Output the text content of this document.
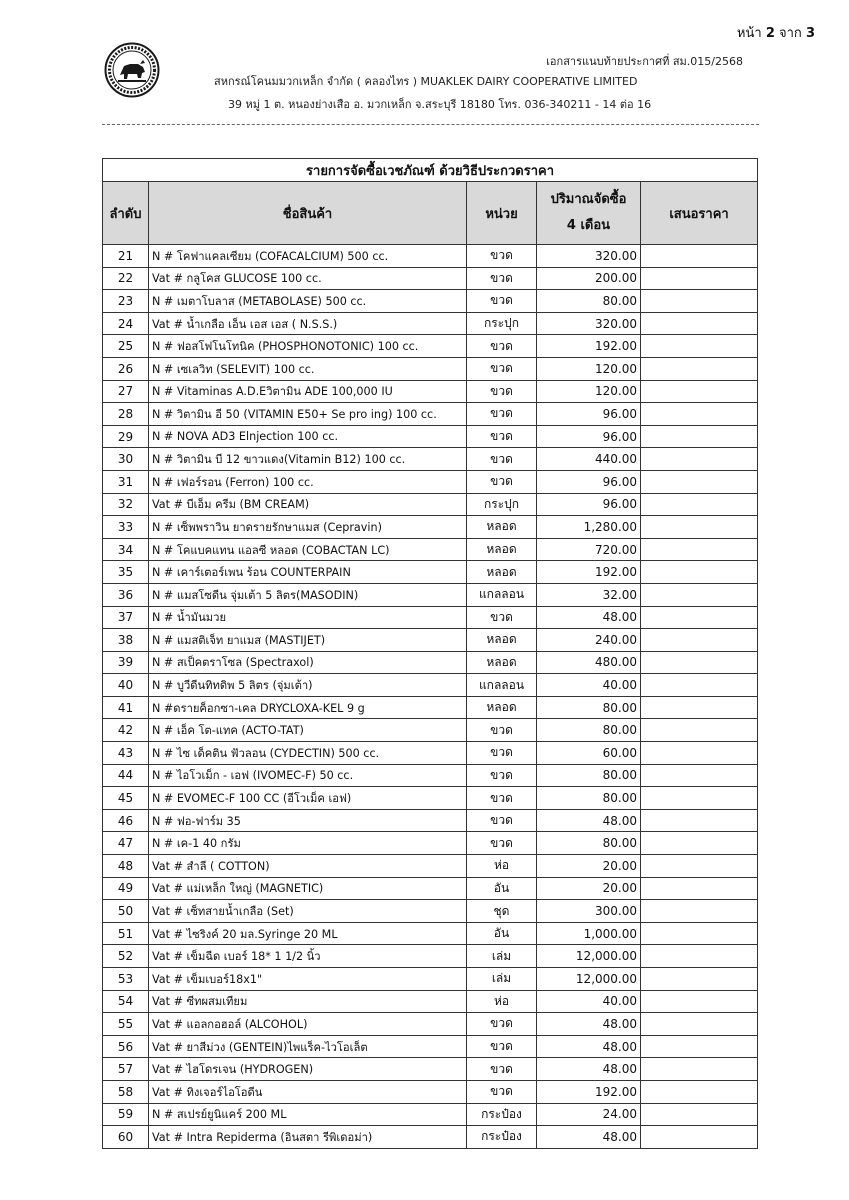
หน้า 2 จาก 3
เอกสารแนบท้ายประกาศที่ สม.015/2568
สหกรณ์โคนมมวกเหล็ก จำกัด ( คลองไทร ) MUAKLEK DAIRY COOPERATIVE LIMITED
39 หมู่ 1 ต. หนองย่างเสือ อ. มวกเหล็ก จ.สระบุรี 18180 โทร. 036-340211 - 14 ต่อ 16
รายการจัดซื้อเวชภัณฑ์ ด้วยวิธีประกวดราคา				
ลำดับ	ชื่อสินค้า	หน่วย	ปริมาณจัดซื้อ
4 เดือน	เสนอราคา
21	N # โคฟาแคลเซียม (COFACALCIUM) 500 cc.	ขวด	320.00	
22	Vat # กลูโคส GLUCOSE 100 cc.	ขวด	200.00	
23	N # เมตาโบลาส (METABOLASE) 500 cc.	ขวด	80.00	
24	Vat # น้ำเกลือ เอ็น เอส เอส ( N.S.S.)	กระปุก	320.00	
25	N # ฟอสโฟโนโทนิค (PHOSPHONOTONIC) 100 cc.	ขวด	192.00	
26	N # เซเลวิท (SELEVIT) 100 cc.	ขวด	120.00	
27	N # Vitaminas A.D.Eวิตามิน ADE 100,000 IU	ขวด	120.00	
28	N # วิตามิน อี 50 (VITAMIN E50+ Se pro ing) 100 cc.	ขวด	96.00	
29	N # NOVA AD3 Elnjection 100 cc.	ขวด	96.00	
30	N # วิตามิน บี 12 ขาวแดง(Vitamin B12) 100 cc.	ขวด	440.00	
31	N # เฟอร์รอน (Ferron) 100 cc.	ขวด	96.00	
32	Vat # บีเอ็ม ครีม (BM CREAM)	กระปุก	96.00	
33	N # เซ็พพราวิน ยาดรายรักษาแมส (Cepravin)	หลอด	1,280.00	
34	N # โคแบคแทน แอลซี หลอด (COBACTAN LC)	หลอด	720.00	
35	N # เคาร์เตอร์เพน ร้อน COUNTERPAIN	หลอด	192.00	
36	N # แมสโซดีน จุ่มเต้า 5 ลิตร(MASODIN)	แกลลอน	32.00	
37	N # น้ำมันมวย	ขวด	48.00	
38	N # แมสติเจ็ท ยาแมส (MASTIJET)	หลอด	240.00	
39	N # สเป็คตราโซล (Spectraxol)	หลอด	480.00	
40	N # บูวีดีนทิทดิพ 5 ลิตร (จุ่มเต้า)	แกลลอน	40.00	
41	N #ดรายค็อกซา-เคล DRYCLOXA-KEL 9 g	หลอด	80.00	
42	N # เอ็ค โต-แทค (ACTO-TAT)	ขวด	80.00	
43	N # ไซ เด็คติน ฟัวลอน (CYDECTIN) 500 cc.	ขวด	60.00	
44	N # ไอโวเม็ก - เอฟ (IVOMEC-F) 50 cc.	ขวด	80.00	
45	N # EVOMEC-F 100 CC (อีโวเม็ค เอฟ)	ขวด	80.00	
46	N # ฟอ-ฟาร์ม 35	ขวด	48.00	
47	N # เค-1 40 กรัม	ขวด	80.00	
48	Vat # สำลี ( COTTON)	ห่อ	20.00	
49	Vat # แม่เหล็ก ใหญ่ (MAGNETIC)	อัน	20.00	
50	Vat # เซ็ทสายน้ำเกลือ (Set)	ชุด	300.00	
51	Vat # ไซริงค์ 20 มล.Syringe 20 ML	อัน	1,000.00	
52	Vat # เข็มฉีด เบอร์ 18* 1 1/2 นิ้ว	เล่ม	12,000.00	
53	Vat # เข็มเบอร์18x1"	เล่ม	12,000.00	
54	Vat # ซีทผสมเทียม	ห่อ	40.00	
55	Vat # แอลกอฮอล์ (ALCOHOL)	ขวด	48.00	
56	Vat # ยาสีม่วง (GENTEIN)ไพแร็ค-ไวโอเล็ต	ขวด	48.00	
57	Vat # ไฮโดรเจน (HYDROGEN)	ขวด	48.00	
58	Vat # ทิงเจอร์ไอโอดีน	ขวด	192.00	
59	N # สเปรย์ยูนิแคร์ 200 ML	กระป๋อง	24.00	
60	Vat # Intra Repiderma (อินสตา รีพิเดอม่า)	กระป๋อง	48.00	
